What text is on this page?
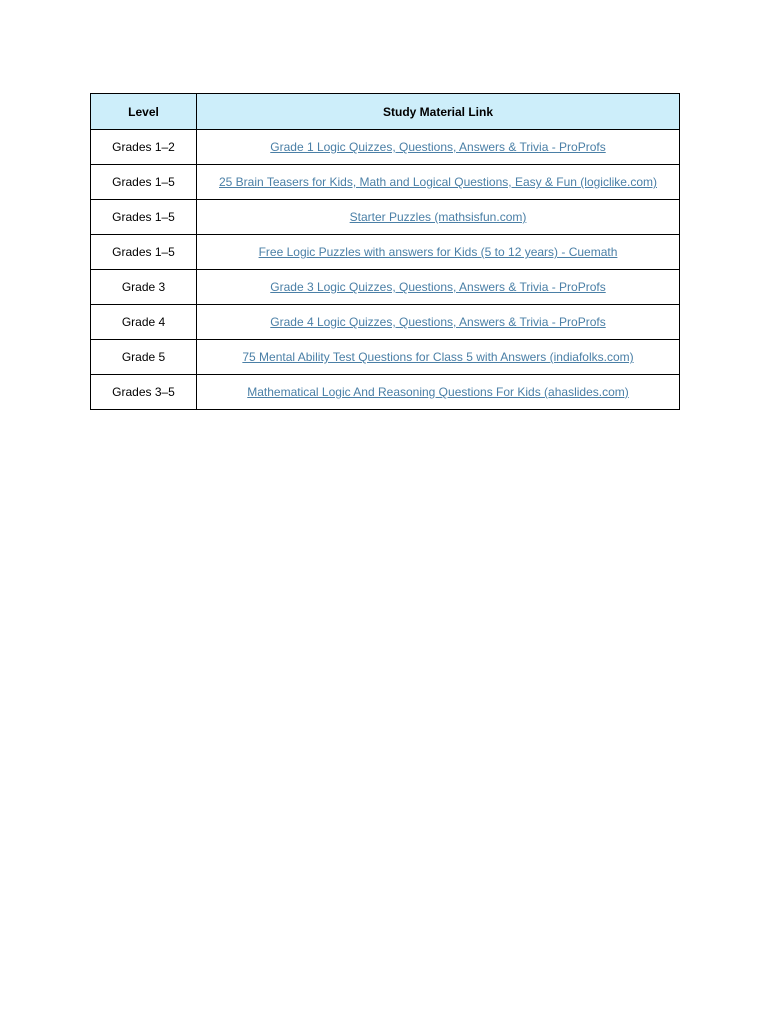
Level	Study Material Link
Grades 1–2	Grade 1 Logic Quizzes, Questions, Answers & Trivia - ProProfs
Grades 1–5	25 Brain Teasers for Kids, Math and Logical Questions, Easy & Fun (logiclike.com)
Grades 1–5	Starter Puzzles (mathsisfun.com)
Grades 1–5	Free Logic Puzzles with answers for Kids (5 to 12 years) - Cuemath
Grade 3	Grade 3 Logic Quizzes, Questions, Answers & Trivia - ProProfs
Grade 4	Grade 4 Logic Quizzes, Questions, Answers & Trivia - ProProfs
Grade 5	75 Mental Ability Test Questions for Class 5 with Answers (indiafolks.com)
Grades 3–5	Mathematical Logic And Reasoning Questions For Kids (ahaslides.com)
